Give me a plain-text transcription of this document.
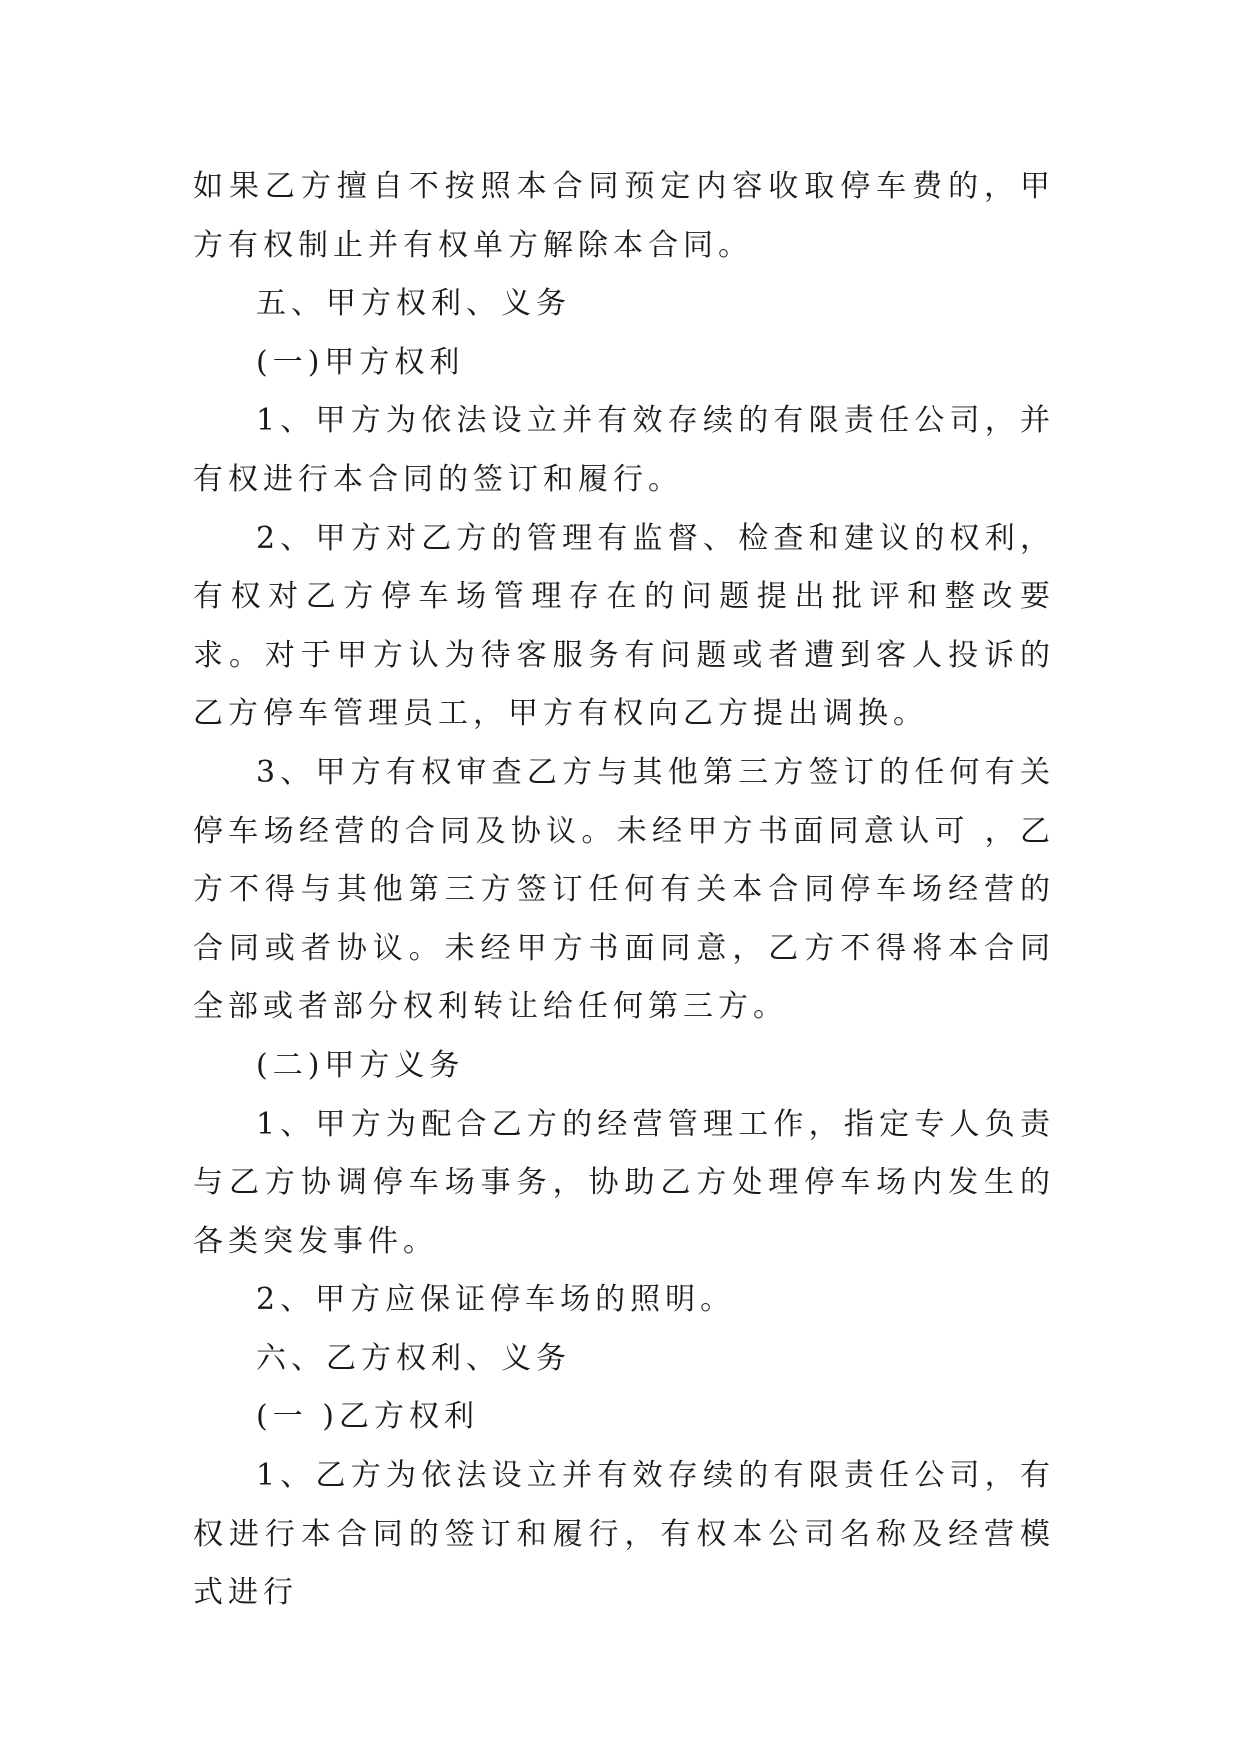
如果乙方擅自不按照本合同预定内容收取停车费的，甲方有权制止并有权单方解除本合同。

五、甲方权利、义务

(一)甲方权利

1、甲方为依法设立并有效存续的有限责任公司，并有权进行本合同的签订和履行。

2、甲方对乙方的管理有监督、检查和建议的权利，有权对乙方停车场管理存在的问题提出批评和整改要求。对于甲方认为待客服务有问题或者遭到客人投诉的乙方停车管理员工，甲方有权向乙方提出调换。

3、甲方有权审查乙方与其他第三方签订的任何有关停车场经营的合同及协议。未经甲方书面同意认可 ，乙方不得与其他第三方签订任何有关本合同停车场经营的合同或者协议。未经甲方书面同意，乙方不得将本合同全部或者部分权利转让给任何第三方。

(二)甲方义务

1、甲方为配合乙方的经营管理工作，指定专人负责与乙方协调停车场事务，协助乙方处理停车场内发生的各类突发事件。

2、甲方应保证停车场的照明。

六、乙方权利、义务

(一 )乙方权利

1、乙方为依法设立并有效存续的有限责任公司，有权进行本合同的签订和履行，有权本公司名称及经营模式进行
